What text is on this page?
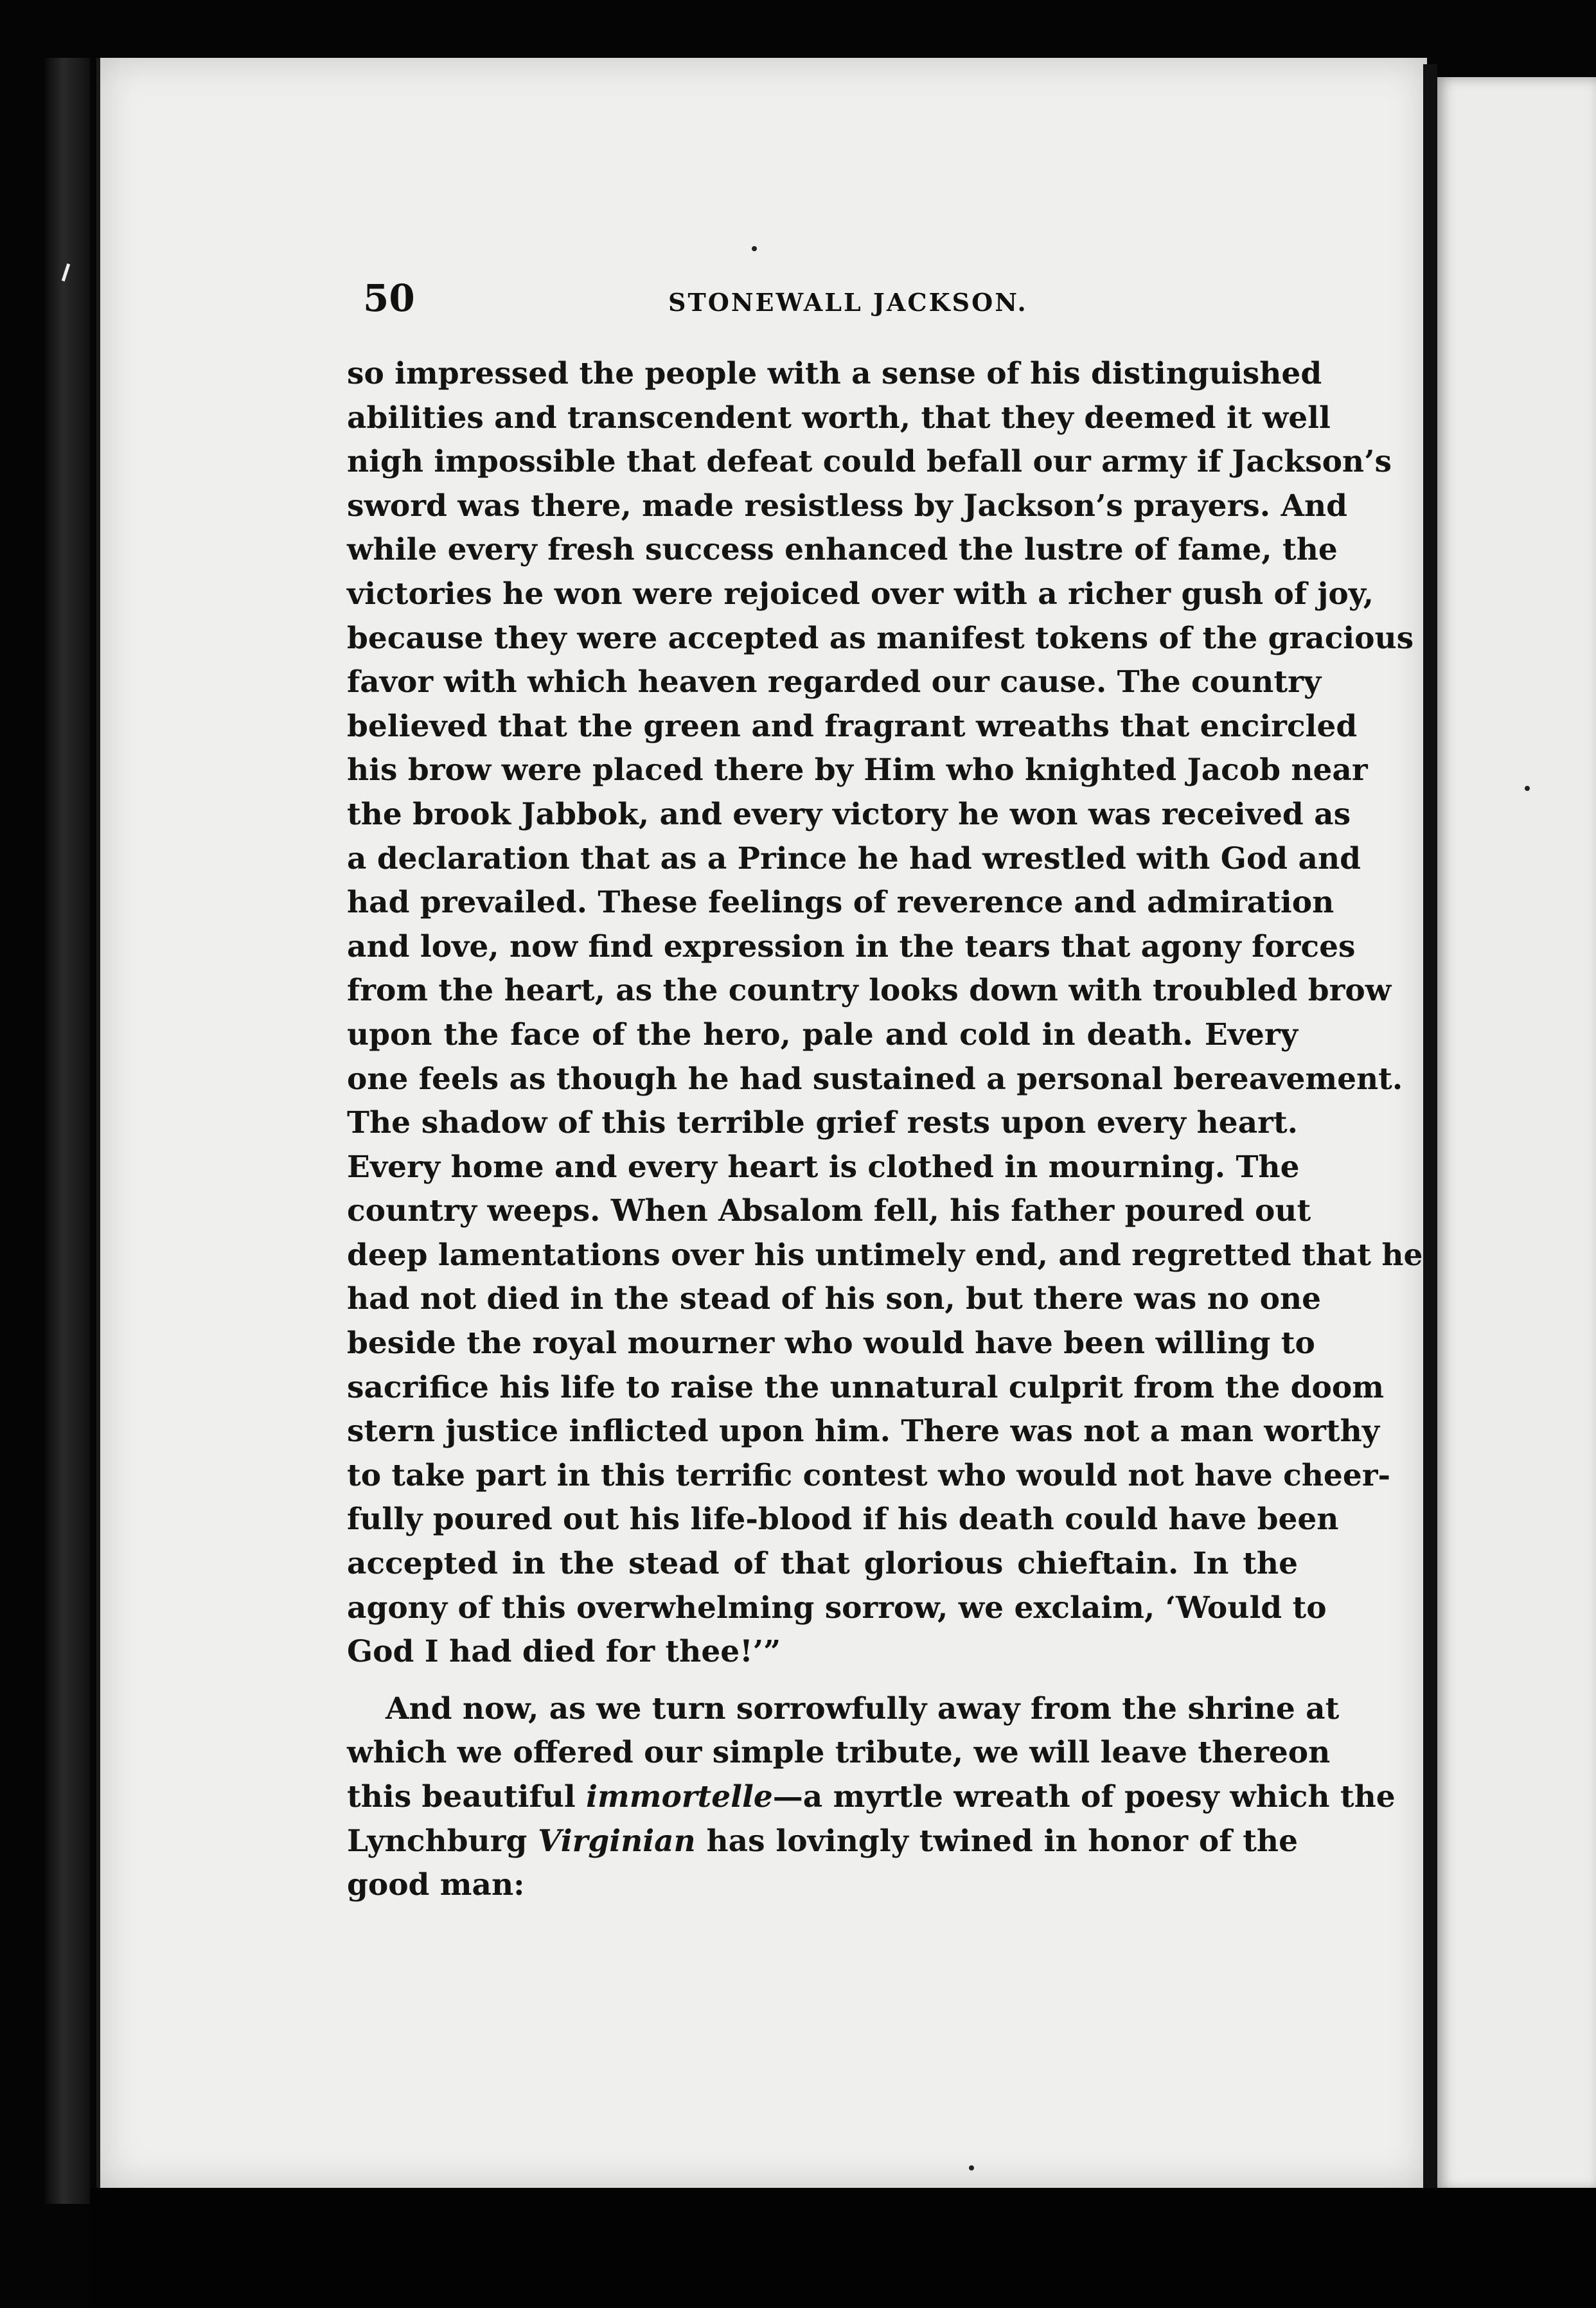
50	STONEWALL JACKSON.
so impressed the people with a sense of his distinguished
abilities and transcendent worth, that they deemed it well
nigh impossible that defeat could befall our army if Jackson’s
sword was there, made resistless by Jackson’s prayers. And
while every fresh success enhanced the lustre of fame, the
victories he won were rejoiced over with a richer gush of joy,
because they were accepted as manifest tokens of the gracious
favor with which heaven regarded our cause. The country
believed that the green and fragrant wreaths that encircled
his brow were placed there by Him who knighted Jacob near
the brook Jabbok, and every victory he won was received as
a declaration that as a Prince he had wrestled with God and
had prevailed. These feelings of reverence and admiration
and love, now find expression in the tears that agony forces
from the heart, as the country looks down with troubled brow
upon the face of the hero, pale and cold in death. Every
one feels as though he had sustained a personal bereavement.
The shadow of this terrible grief rests upon every heart.
Every home and every heart is clothed in mourning. The
country weeps. When Absalom fell, his father poured out
deep lamentations over his untimely end, and regretted that he
had not died in the stead of his son, but there was no one
beside the royal mourner who would have been willing to
sacrifice his life to raise the unnatural culprit from the doom
stern justice inflicted upon him. There was not a man worthy
to take part in this terrific contest who would not have cheer-
fully poured out his life-blood if his death could have been
accepted in the stead of that glorious chieftain. In the
agony of this overwhelming sorrow, we exclaim, ‘Would to
God I had died for thee!’”
And now, as we turn sorrowfully away from the shrine at
which we offered our simple tribute, we will leave thereon
this beautiful immortelle—a myrtle wreath of poesy which the
Lynchburg Virginian has lovingly twined in honor of the
good man:
